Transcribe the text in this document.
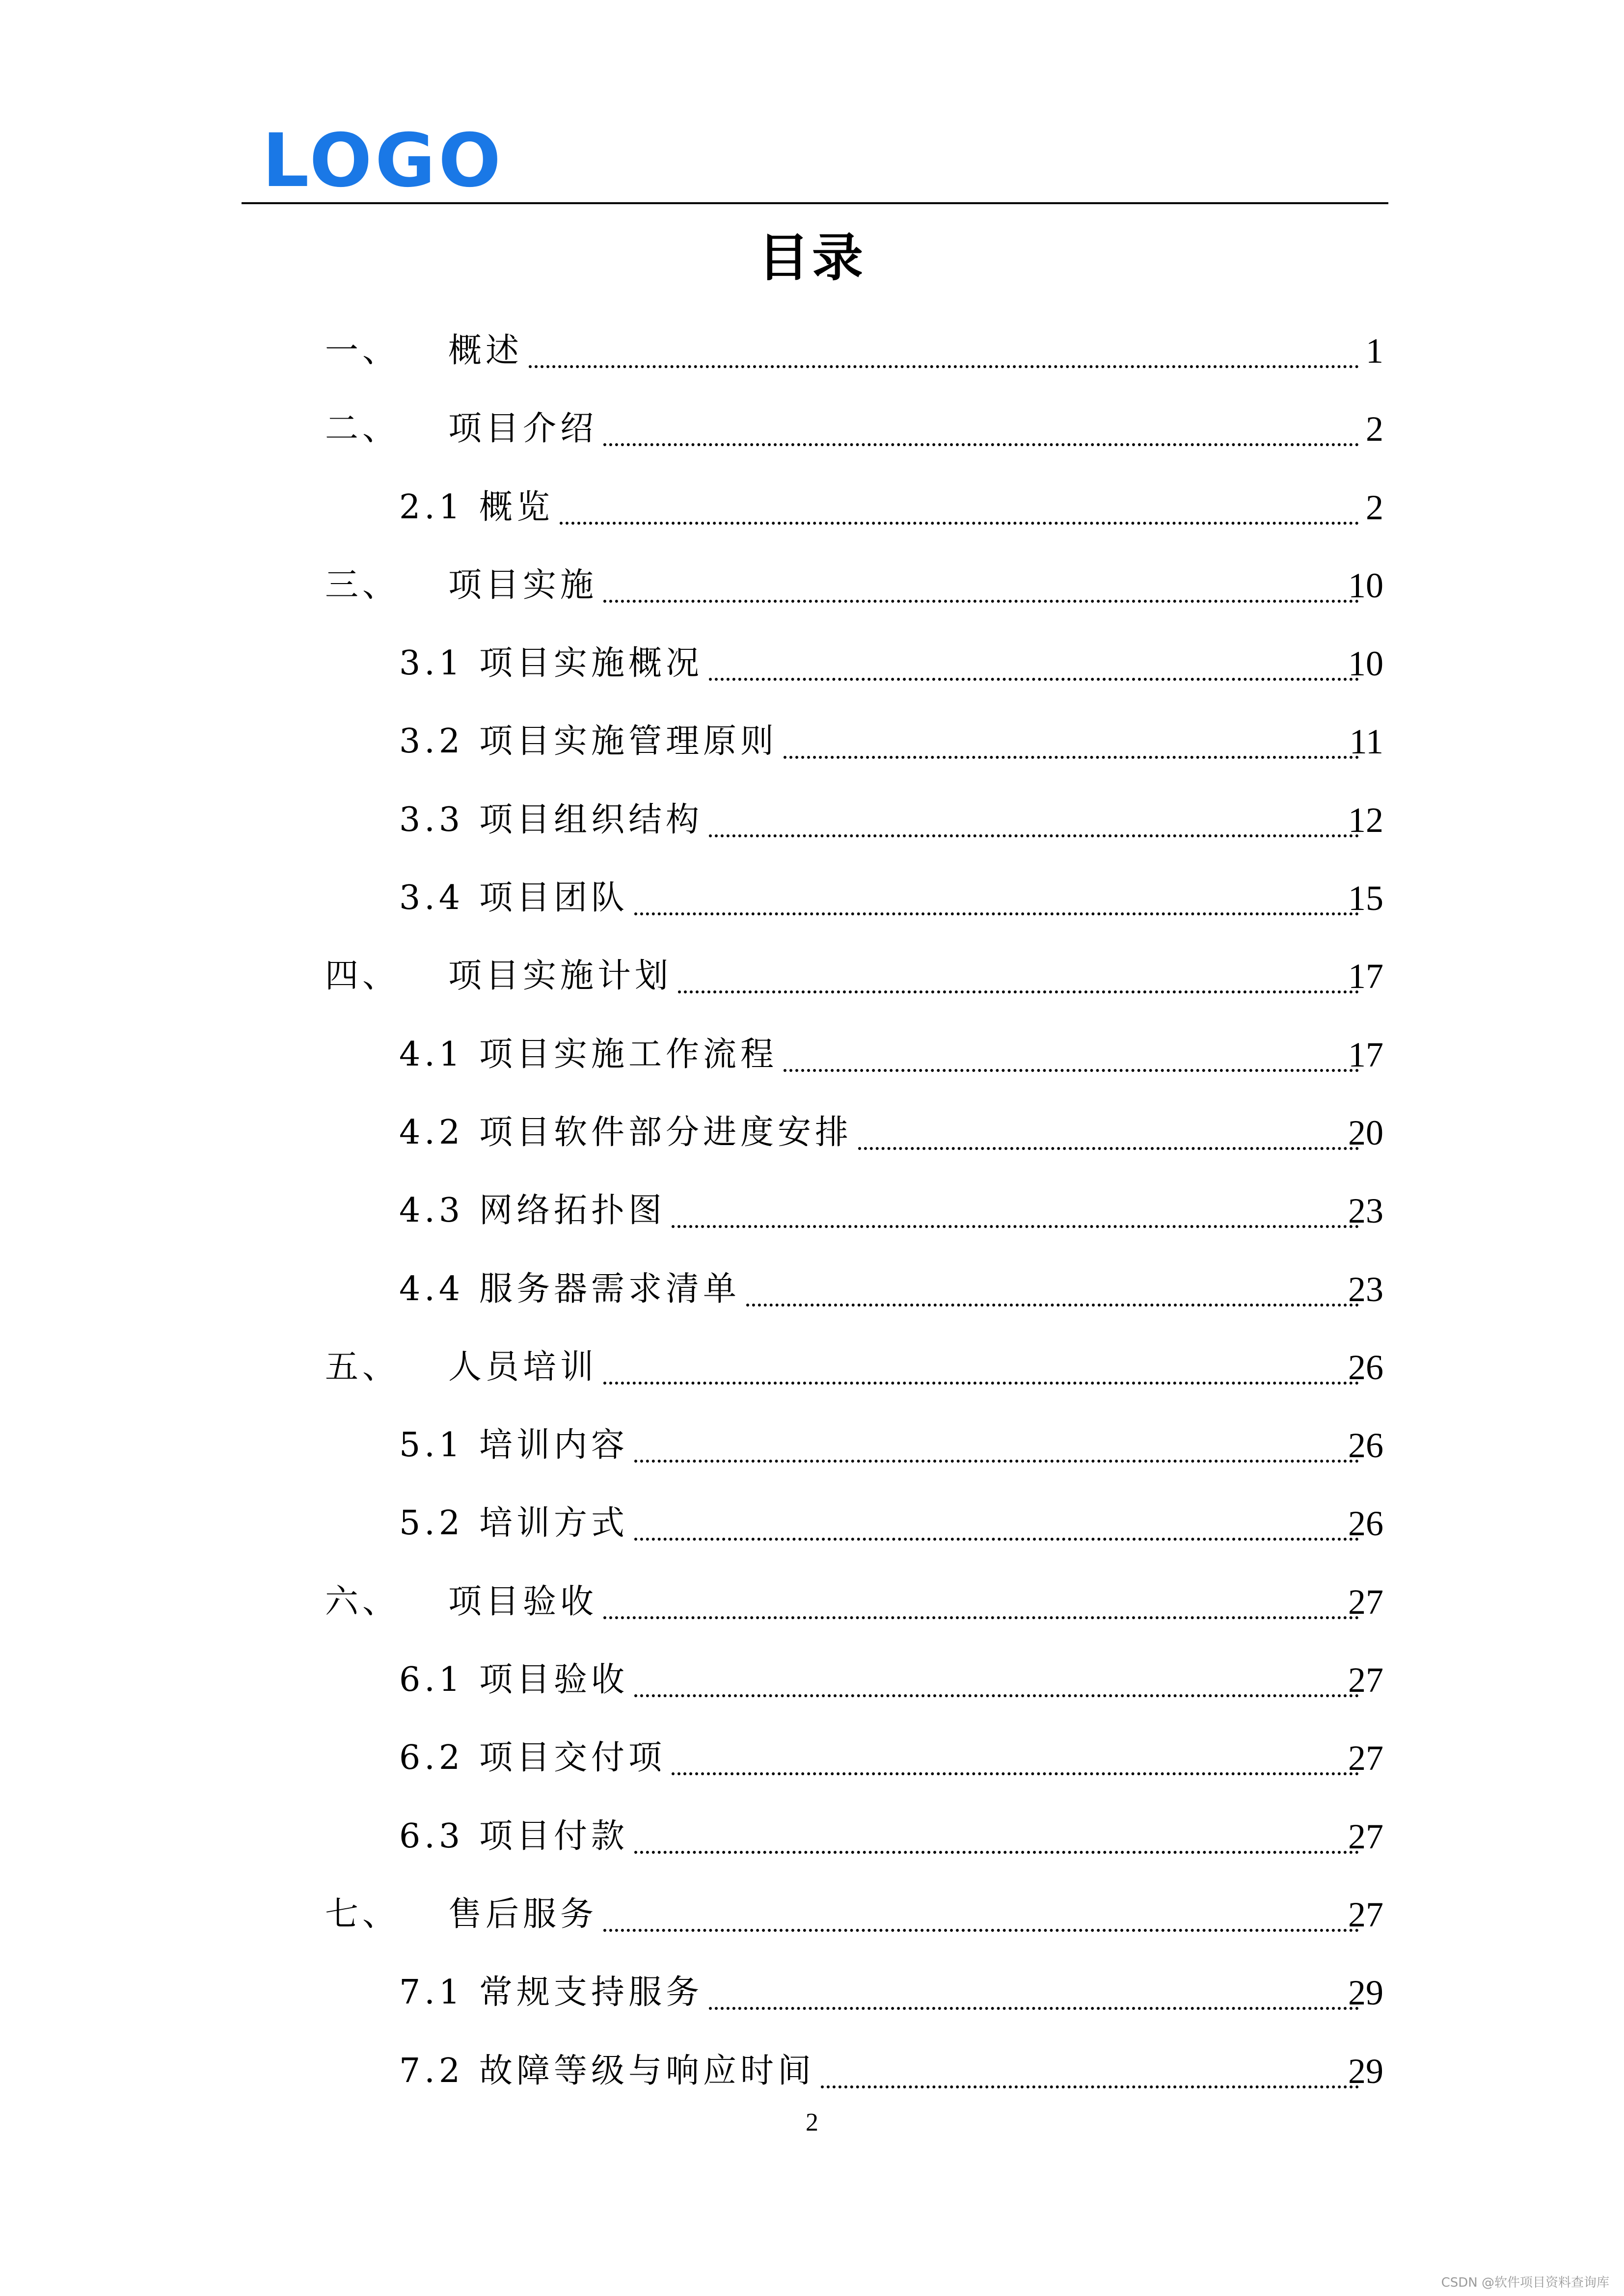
LOGO
目录
一、 概述	1
二、 项目介绍	2
2.1 概览	2
三、 项目实施	10
3.1 项目实施概况	10
3.2 项目实施管理原则	11
3.3 项目组织结构	12
3.4 项目团队	15
四、 项目实施计划	17
4.1 项目实施工作流程	17
4.2 项目软件部分进度安排	20
4.3 网络拓扑图	23
4.4 服务器需求清单	23
五、 人员培训	26
5.1 培训内容	26
5.2 培训方式	26
六、 项目验收	27
6.1 项目验收	27
6.2 项目交付项	27
6.3 项目付款	27
七、 售后服务	27
7.1 常规支持服务	29
7.2 故障等级与响应时间	29
2
CSDN @软件项目资料查询库
